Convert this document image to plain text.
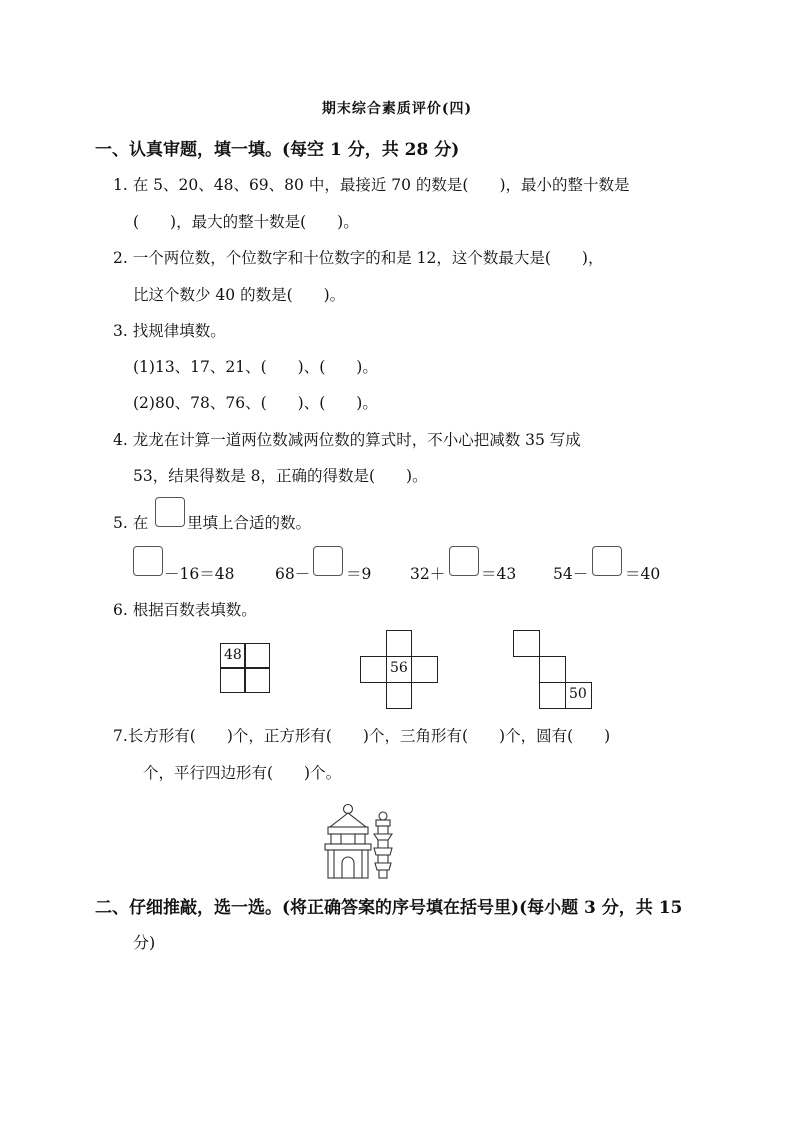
期末综合素质评价(四)
一、认真审题，填一填。(每空 1 分，共 28 分)
1. 在 5、20、48、69、80 中，最接近 70 的数是(　　)，最小的整十数是
(　　)，最大的整十数是(　　)。
2. 一个两位数，个位数字和十位数字的和是 12，这个数最大是(　　)，
比这个数少 40 的数是(　　)。
3. 找规律填数。
(1)13、17、21、(　　)、(　　)。
(2)80、78、76、(　　)、(　　)。
4. 龙龙在计算一道两位数减两位数的算式时，不小心把减数 35 写成
53，结果得数是 8，正确的得数是(　　)。
5. 在	里填上合适的数。
－16＝48	68－ ＝9 32＋ ＝43 54－ ＝40
6. 根据百数表填数。
48
56
50
7.长方形有(　　)个，正方形有(　　)个，三角形有(　　)个，圆有(　　)
个，平行四边形有(　　)个。
二、仔细推敲，选一选。(将正确答案的序号填在括号里)(每小题 3 分，共 15
分)
